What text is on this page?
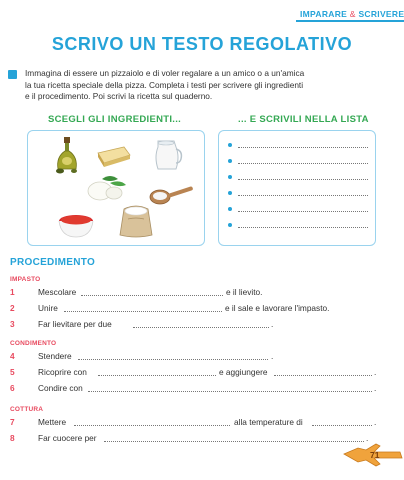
IMPARARE & SCRIVERE
SCRIVO UN TESTO REGOLATIVO
Immagina di essere un pizzaiolo e di voler regalare a un amico o a un'amica
la tua ricetta speciale della pizza. Completa i testi per scrivere gli ingredienti
e il procedimento. Poi scrivi la ricetta sul quaderno.
SCEGLI GLI INGREDIENTI...	... E SCRIVILI NELLA LISTA
PROCEDIMENTO
IMPASTO
1	Mescolare	e il lievito.
2	Unire	e il sale e lavorare l'impasto.
3	Far lievitare per due	.
CONDIMENTO
4	Stendere	.
5	Ricoprire con	e aggiungere	.
6	Condire con	.
COTTURA
7	Mettere	alla temperature di	.
8	Far cuocere per	.
71
